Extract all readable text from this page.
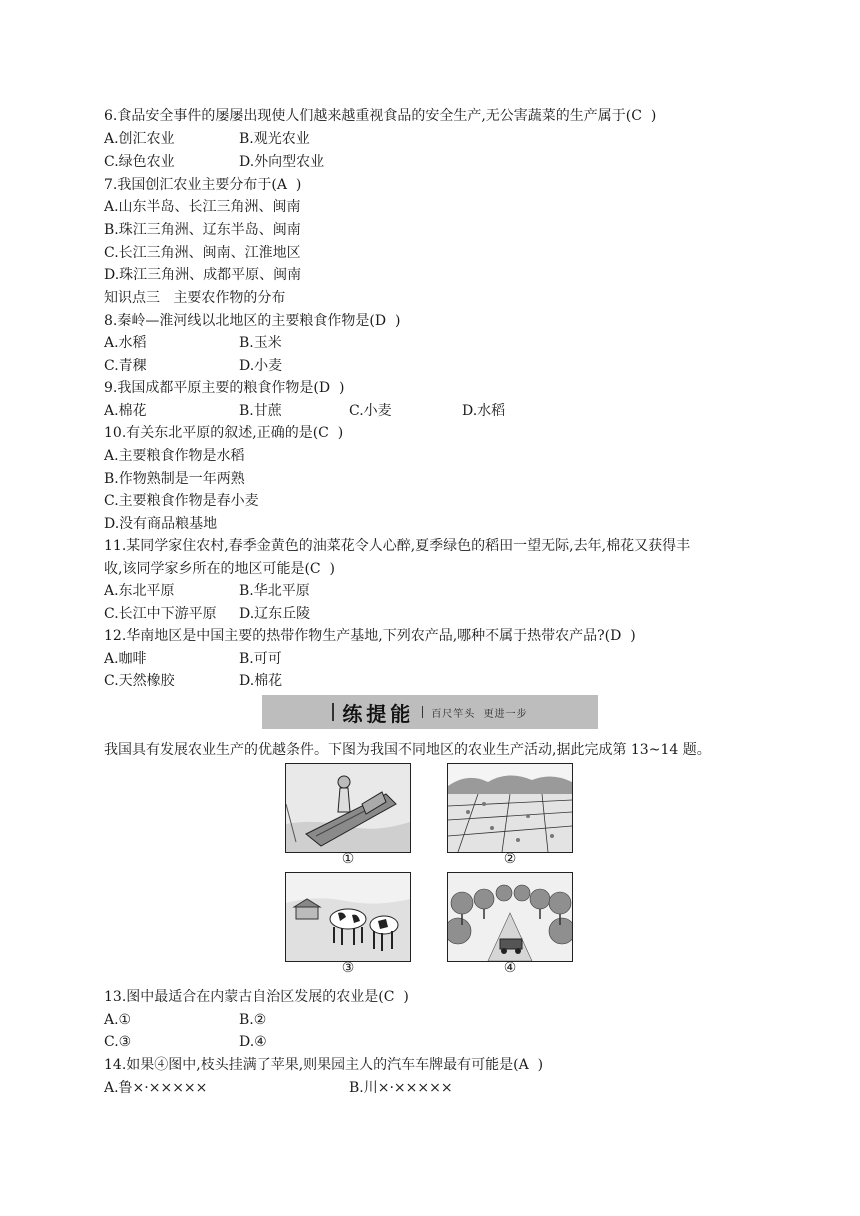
6.食品安全事件的屡屡出现使人们越来越重视食品的安全生产,无公害蔬菜的生产属于(C  )
A.创汇农业	B.观光农业
C.绿色农业	D.外向型农业
7.我国创汇农业主要分布于(A  )
A.山东半岛、长江三角洲、闽南
B.珠江三角洲、辽东半岛、闽南
C.长江三角洲、闽南、江淮地区
D.珠江三角洲、成都平原、闽南
知识点三   主要农作物的分布
8.秦岭—淮河线以北地区的主要粮食作物是(D  )
A.水稻	B.玉米
C.青稞	D.小麦
9.我国成都平原主要的粮食作物是(D  )
A.棉花	B.甘蔗	C.小麦	D.水稻
10.有关东北平原的叙述,正确的是(C  )
A.主要粮食作物是水稻
B.作物熟制是一年两熟
C.主要粮食作物是春小麦
D.没有商品粮基地
11.某同学家住农村,春季金黄色的油菜花令人心醉,夏季绿色的稻田一望无际,去年,棉花又获得丰
收,该同学家乡所在的地区可能是(C  )
A.东北平原	B.华北平原
C.长江中下游平原 D.辽东丘陵
12.华南地区是中国主要的热带作物生产基地,下列农产品,哪种不属于热带农产品?(D  )
A.咖啡	B.可可
C.天然橡胶	D.棉花
练提能 百尺竿头  更进一步
我国具有发展农业生产的优越条件。下图为我国不同地区的农业生产活动,据此完成第 13~14 题。
①	②
③	④
13.图中最适合在内蒙古自治区发展的农业是(C  )
A.①	B.②
C.③	D.④
14.如果④图中,枝头挂满了苹果,则果园主人的汽车车牌最有可能是(A  )
A.鲁×·×××××	B.川×·×××××
